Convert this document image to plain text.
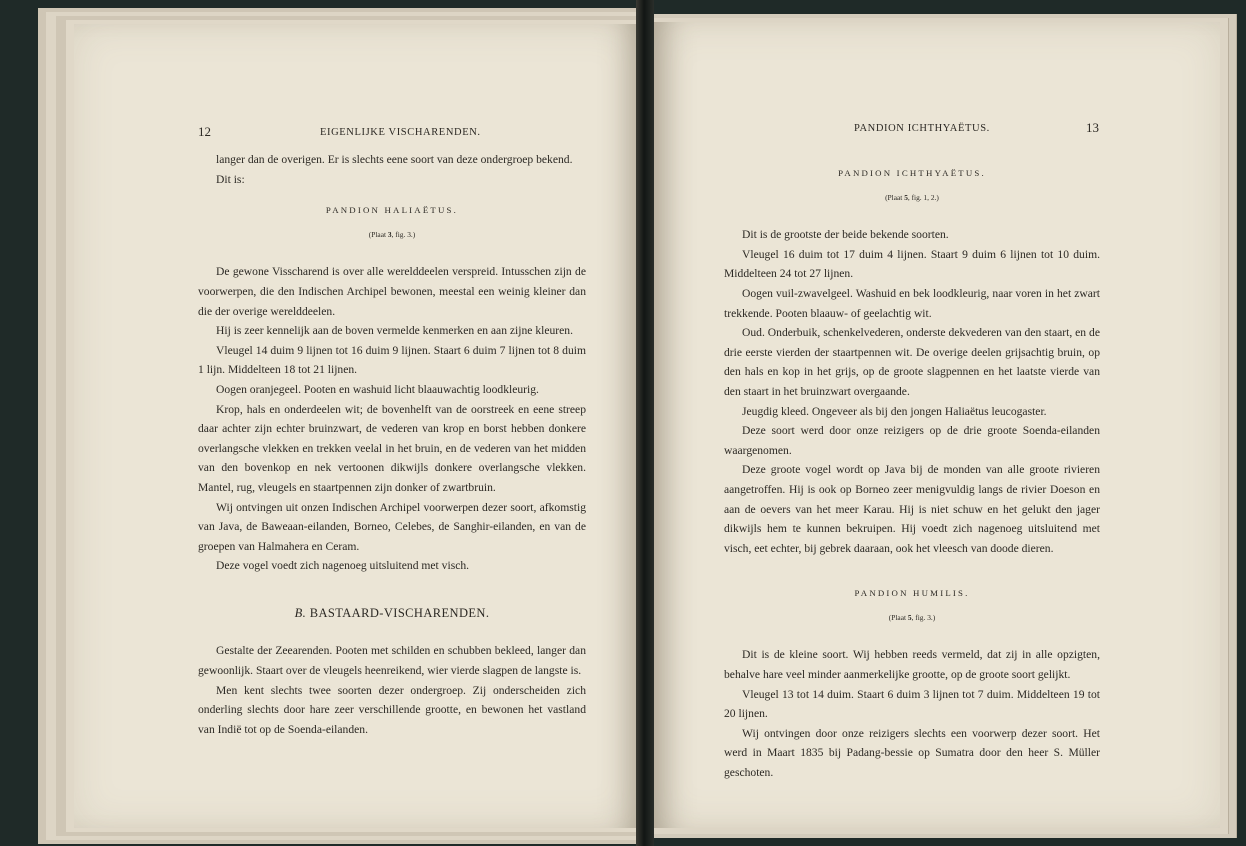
12	EIGENLIJKE VISCHARENDEN.

langer dan de overigen. Er is slechts eene soort van deze ondergroep bekend.

Dit is:

PANDION HALIAËTUS.
(Plaat 3, fig. 3.)

De gewone Visscharend is over alle werelddeelen verspreid. Intusschen zijn de voorwerpen, die den Indischen Archipel bewonen, meestal een weinig kleiner dan die der overige werelddeelen.

Hij is zeer kennelijk aan de boven vermelde kenmerken en aan zijne kleuren.

Vleugel 14 duim 9 lijnen tot 16 duim 9 lijnen. Staart 6 duim 7 lijnen tot 8 duim 1 lijn. Middelteen 18 tot 21 lijnen.

Oogen oranjegeel. Pooten en washuid licht blaauwachtig loodkleurig.

Krop, hals en onderdeelen wit; de bovenhelft van de oorstreek en eene streep daar achter zijn echter bruinzwart, de vederen van krop en borst hebben donkere overlangsche vlekken en trekken veelal in het bruin, en de vederen van het midden van den bovenkop en nek vertoonen dikwijls donkere overlangsche vlekken. Mantel, rug, vleugels en staartpennen zijn donker of zwartbruin.

Wij ontvingen uit onzen Indischen Archipel voorwerpen dezer soort, afkomstig van Java, de Baweaan-eilanden, Borneo, Celebes, de Sanghir-eilanden, en van de groepen van Halmahera en Ceram.

Deze vogel voedt zich nagenoeg uitsluitend met visch.

B. BASTAARD-VISCHARENDEN.

Gestalte der Zeearenden. Pooten met schilden en schubben bekleed, langer dan gewoonlijk. Staart over de vleugels heenreikend, wier vierde slagpen de langste is.

Men kent slechts twee soorten dezer ondergroep. Zij onderscheiden zich onderling slechts door hare zeer verschillende grootte, en bewonen het vastland van Indië tot op de Soenda-eilanden.

PANDION ICHTHYAËTUS.	13
PANDION ICHTHYAËTUS.
(Plaat 5, fig. 1, 2.)

Dit is de grootste der beide bekende soorten.

Vleugel 16 duim tot 17 duim 4 lijnen. Staart 9 duim 6 lijnen tot 10 duim. Middelteen 24 tot 27 lijnen.

Oogen vuil-zwavelgeel. Washuid en bek loodkleurig, naar voren in het zwart trekkende. Pooten blaauw- of geelachtig wit.

Oud. Onderbuik, schenkelvederen, onderste dekvederen van den staart, en de drie eerste vierden der staartpennen wit. De overige deelen grijsachtig bruin, op den hals en kop in het grijs, op de groote slagpennen en het laatste vierde van den staart in het bruinzwart overgaande.

Jeugdig kleed. Ongeveer als bij den jongen Haliaëtus leucogaster.

Deze soort werd door onze reizigers op de drie groote Soenda-eilanden waargenomen.

Deze groote vogel wordt op Java bij de monden van alle groote rivieren aangetroffen. Hij is ook op Borneo zeer menigvuldig langs de rivier Doeson en aan de oevers van het meer Karau. Hij is niet schuw en het gelukt den jager dikwijls hem te kunnen bekruipen. Hij voedt zich nagenoeg uitsluitend met visch, eet echter, bij gebrek daaraan, ook het vleesch van doode dieren.

PANDION HUMILIS.
(Plaat 5, fig. 3.)

Dit is de kleine soort. Wij hebben reeds vermeld, dat zij in alle opzigten, behalve hare veel minder aanmerkelijke grootte, op de groote soort gelijkt.

Vleugel 13 tot 14 duim. Staart 6 duim 3 lijnen tot 7 duim. Middelteen 19 tot 20 lijnen.

Wij ontvingen door onze reizigers slechts een voorwerp dezer soort. Het werd in Maart 1835 bij Padang-bessie op Sumatra door den heer S. Müller geschoten.
